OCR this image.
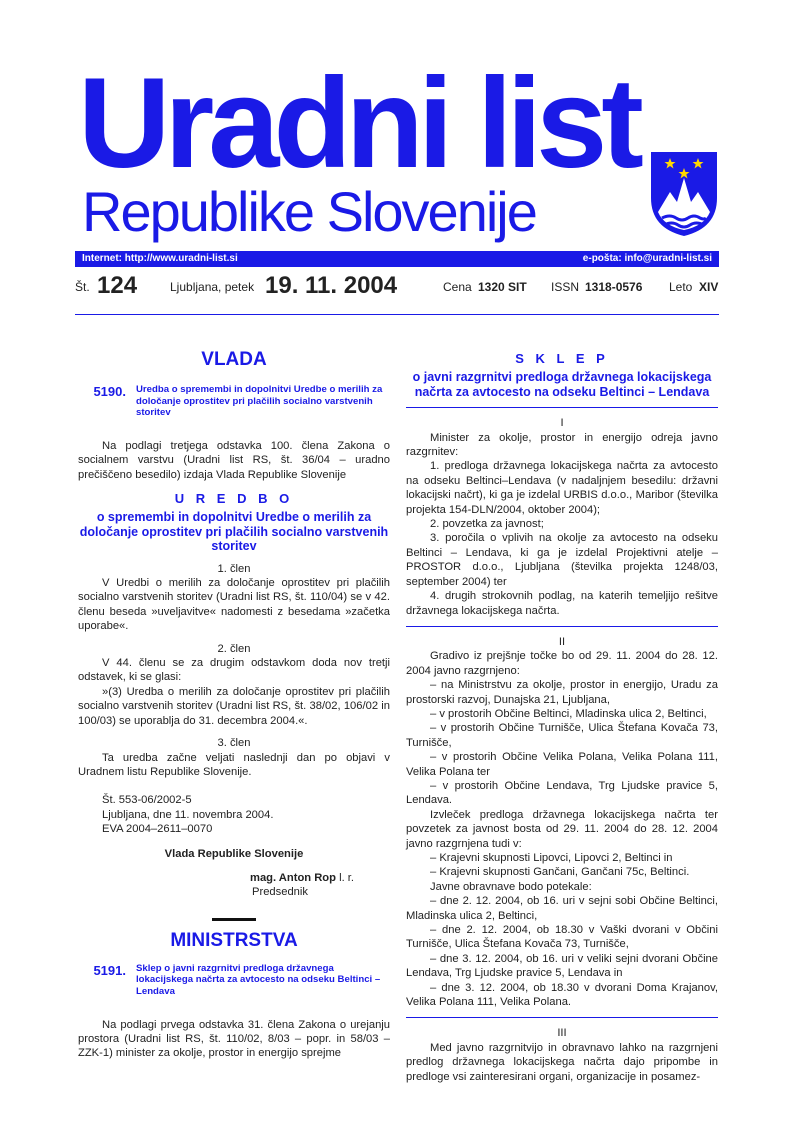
Uradni list
Republike Slovenije
Internet: http://www.uradni-list.si	e-pošta: info@uradni-list.si
Št. 124	Ljubljana, petek 19. 11. 2004	Cena 1320 SIT ISSN 1318-0576 Leto XIV
VLADA
5190.	Uredba o spremembi in dopolnitvi Uredbe o merilih za določanje oprostitev pri plačilih socialno varstvenih storitev

Na podlagi tretjega odstavka 100. člena Zakona o socialnem varstvu (Uradni list RS, št. 36/04 – uradno prečiščeno besedilo) izdaja Vlada Republike Slovenije

U R E D B O
o spremembi in dopolnitvi Uredbe o merilih za določanje oprostitev pri plačilih socialno varstvenih storitev
1. člen

V Uredbi o merilih za določanje oprostitev pri plačilih socialno varstvenih storitev (Uradni list RS, št. 110/04) se v 42. členu beseda »uveljavitve« nadomesti z besedama »začetka uporabe«.

2. člen

V 44. členu se za drugim odstavkom doda nov tretji odstavek, ki se glasi:

»(3) Uredba o merilih za določanje oprostitev pri plačilih socialno varstvenih storitev (Uradni list RS, št. 38/02, 106/02 in 100/03) se uporablja do 31. decembra 2004.«.

3. člen

Ta uredba začne veljati naslednji dan po objavi v Uradnem listu Republike Slovenije.

Št. 553-06/2002-5
Ljubljana, dne 11. novembra 2004.
EVA 2004–2611–0070
Vlada Republike Slovenije
mag. Anton Rop l. r.
Predsednik
MINISTRSTVA
5191.	Sklep o javni razgrnitvi predloga državnega lokacijskega načrta za avtocesto na odseku Beltinci – Lendava

Na podlagi prvega odstavka 31. člena Zakona o urejanju prostora (Uradni list RS, št. 110/02, 8/03 – popr. in 58/03 – ZZK-1) minister za okolje, prostor in energijo sprejme

S K L E P
o javni razgrnitvi predloga državnega lokacijskega načrta za avtocesto na odseku Beltinci – Lendava
I

Minister za okolje, prostor in energijo odreja javno razgrnitev:

1. predloga državnega lokacijskega načrta za avtocesto na odseku Beltinci–Lendava (v nadaljnjem besedilu: državni lokacijski načrt), ki ga je izdelal URBIS d.o.o., Maribor (številka projekta 154-DLN/2004, oktober 2004);

2. povzetka za javnost;

3. poročila o vplivih na okolje za avtocesto na odseku Beltinci – Lendava, ki ga je izdelal Projektivni atelje – PROSTOR d.o.o., Ljubljana (številka projekta 1248/03, september 2004) ter

4. drugih strokovnih podlag, na katerih temeljijo rešitve državnega lokacijskega načrta.

II

Gradivo iz prejšnje točke bo od 29. 11. 2004 do 28. 12. 2004 javno razgrnjeno:

– na Ministrstvu za okolje, prostor in energijo, Uradu za prostorski razvoj, Dunajska 21, Ljubljana,

– v prostorih Občine Beltinci, Mladinska ulica 2, Beltinci,

– v prostorih Občine Turnišče, Ulica Štefana Kovača 73, Turnišče,

– v prostorih Občine Velika Polana, Velika Polana 111, Velika Polana ter

– v prostorih Občine Lendava, Trg Ljudske pravice 5, Lendava.

Izvleček predloga državnega lokacijskega načrta ter povzetek za javnost bosta od 29. 11. 2004 do 28. 12. 2004 javno razgrnjena tudi v:

– Krajevni skupnosti Lipovci, Lipovci 2, Beltinci in

– Krajevni skupnosti Gančani, Gančani 75c, Beltinci.

Javne obravnave bodo potekale:

– dne 2. 12. 2004, ob 16. uri v sejni sobi Občine Beltinci, Mladinska ulica 2, Beltinci,

– dne 2. 12. 2004, ob 18.30 v Vaški dvorani v Občini Turnišče, Ulica Štefana Kovača 73, Turnišče,

– dne 3. 12. 2004, ob 16. uri v veliki sejni dvorani Občine Lendava, Trg Ljudske pravice 5, Lendava in

– dne 3. 12. 2004, ob 18.30 v dvorani Doma Krajanov, Velika Polana 111, Velika Polana.

III

Med javno razgrnitvijo in obravnavo lahko na razgrnjeni predlog državnega lokacijskega načrta dajo pripombe in predloge vsi zainteresirani organi, organizacije in posamez-
